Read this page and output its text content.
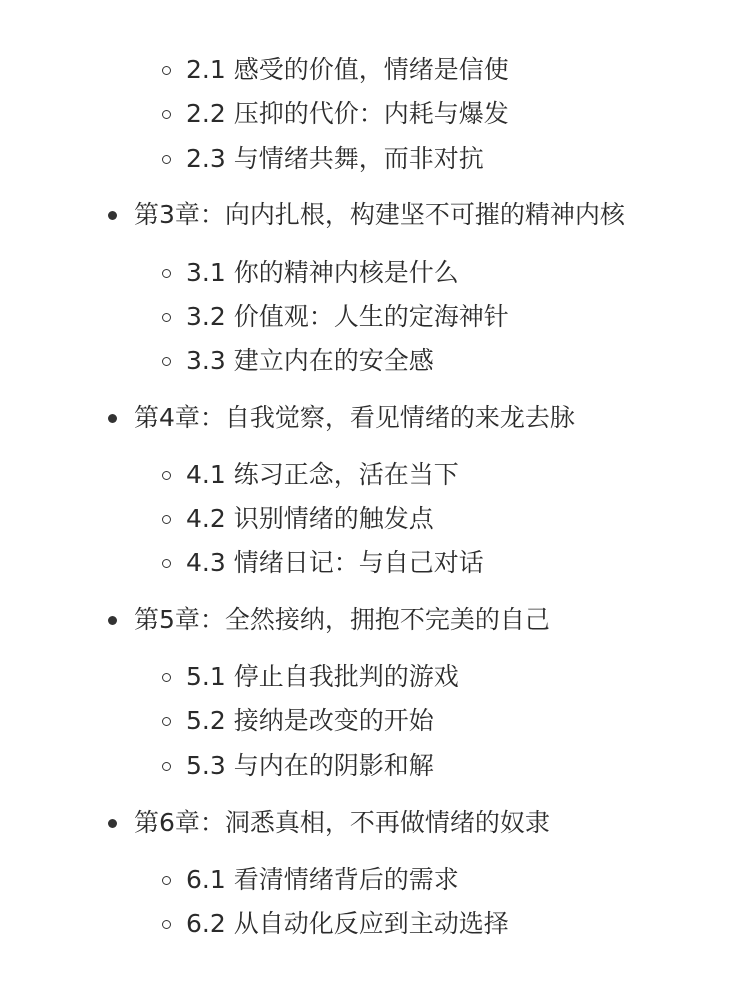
2.1 感受的价值，情绪是信使
2.2 压抑的代价：内耗与爆发
2.3 与情绪共舞，而非对抗
第3章：向内扎根，构建坚不可摧的精神内核
3.1 你的精神内核是什么
3.2 价值观：人生的定海神针
3.3 建立内在的安全感
第4章：自我觉察，看见情绪的来龙去脉
4.1 练习正念，活在当下
4.2 识别情绪的触发点
4.3 情绪日记：与自己对话
第5章：全然接纳，拥抱不完美的自己
5.1 停止自我批判的游戏
5.2 接纳是改变的开始
5.3 与内在的阴影和解
第6章：洞悉真相，不再做情绪的奴隶
6.1 看清情绪背后的需求
6.2 从自动化反应到主动选择
